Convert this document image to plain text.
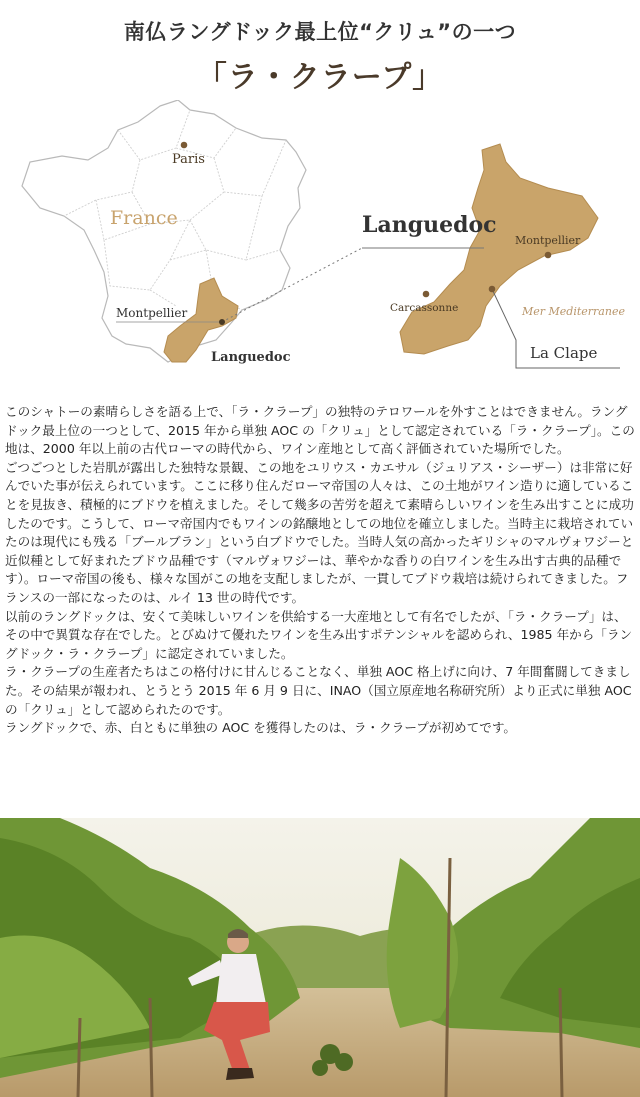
南仏ラングドック最上位“クリュ”の一つ
「ラ・クラープ」
Paris
France
Montpellier
Languedoc
Languedoc
Montpellier
Carcassonne	Mer Mediterranee
La Clape

このシャトーの素晴らしさを語る上で、「ラ・クラープ」の独特のテロワールを外すことはできません。ラングドック最上位の一つとして、2015 年から単独 AOC の「クリュ」として認定されている「ラ・クラープ」。この地は、2000 年以上前の古代ローマの時代から、ワイン産地として高く評価されていた場所でした。

ごつごつとした岩肌が露出した独特な景観、この地をユリウス・カエサル（ジュリアス・シーザー）は非常に好んでいた事が伝えられています。ここに移り住んだローマ帝国の人々は、この土地がワイン造りに適していることを見抜き、積極的にブドウを植えました。そして幾多の苦労を超えて素晴らしいワインを生み出すことに成功したのです。こうして、ローマ帝国内でもワインの銘醸地としての地位を確立しました。当時主に栽培されていたのは現代にも残る「ブールブラン」という白ブドウでした。当時人気の高かったギリシャのマルヴォワジーと近似種として好まれたブドウ品種です（マルヴォワジーは、華やかな香りの白ワインを生み出す古典的品種です）。ローマ帝国の後も、様々な国がこの地を支配しましたが、一貫してブドウ栽培は続けられてきました。フランスの一部になったのは、ルイ 13 世の時代です。

以前のラングドックは、安くて美味しいワインを供給する一大産地として有名でしたが、「ラ・クラープ」は、その中で異質な存在でした。とびぬけて優れたワインを生み出すポテンシャルを認められ、1985 年から「ラングドック・ラ・クラープ」に認定されていました。

ラ・クラープの生産者たちはこの格付けに甘んじることなく、単独 AOC 格上げに向け、7 年間奮闘してきました。その結果が報われ、とうとう 2015 年 6 月 9 日に、INAO（国立原産地名称研究所）より正式に単独 AOC の「クリュ」として認められたのです。

ラングドックで、赤、白ともに単独の AOC を獲得したのは、ラ・クラープが初めてです。
